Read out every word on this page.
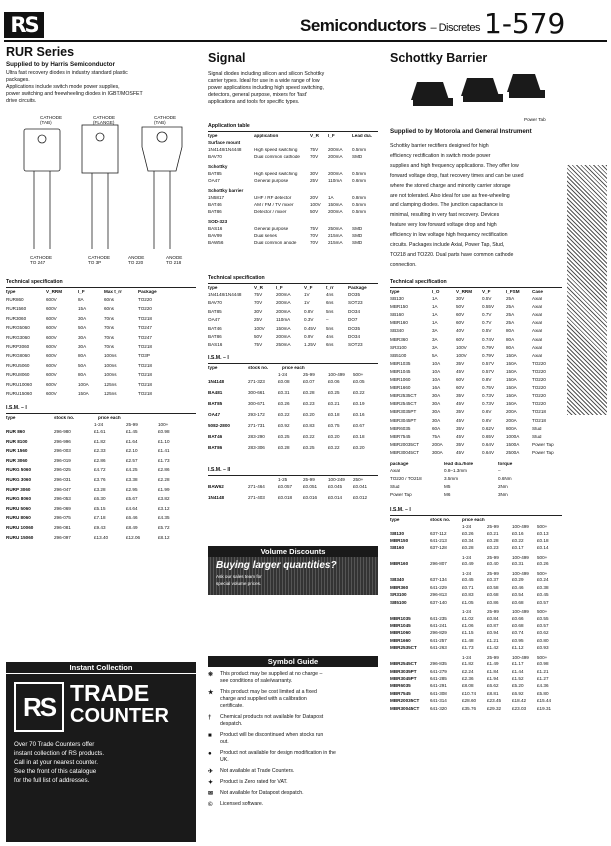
RS	Semiconductors – Discretes 1-579
RUR Series
Supplied to by Harris Semiconductor
Ultra fast recovery diodes in industry standard plastic
packages.
Applications include switch mode power supplies,
power switching and freewheeling diodes in IGBT/MOSFET
drive circuits.
CATHODE
(TAB)
CATHODE
(FLANGE)
CATHODE
(TAB)
CATHODE
TO 247
CATHODE
TO 3P
ANODE
TO 220
ANODE
TO 218
Technical specification
type	V_RRM	I_F	Max t_rr	Package
RUR860	600V	8A	60ns	TO220
RUR1560	600V	15A	60ns	TO220
RUR3060	600V	30A	70ns	TO218
RURG5060	600V	50A	70ns	TO247
RURG3060	600V	30A	70ns	TO247
RURP3060	600V	30A	70ns	TO218
RURG8060	600V	80A	100ns	TO3P
RURU5060	600V	50A	100ns	TO218
RURU8060	600V	80A	100ns	TO218
RURU10060	600V	100A	125ns	TO218
RURU15060	600V	150A	125ns	TO218
I.S.M. – I
type	stock no.	price each
1-24	25-99	100+
RUR 860	296-980	£1.61	£1.45	£0.98
RUR 8100	296-996	£1.82	£1.64	£1.10
RUR 1560	296-003	£2.33	£2.10	£1.41
RUR 3060	296-019	£2.86	£2.57	£1.73
RURG 5060	296-025	£4.72	£4.25	£2.86
RURG 3060	296-031	£3.76	£3.38	£2.28
RURP 3060	296-047	£3.28	£2.95	£1.99
RURG 8060	296-053	£6.30	£5.67	£3.82
RURU 5060	296-069	£5.15	£4.64	£3.12
RURU 8060	296-075	£7.18	£6.46	£4.35
RURU 10060	296-081	£9.43	£8.49	£5.72
RURU 15060	296-097	£13.40	£12.06	£8.12
Instant Collection
RS TRADE
COUNTER
Over 70 Trade Counters offer
instant collection of RS products.
Call in at your nearest counter.
See the front of this catalogue
for the full list of addresses.
Signal
Signal diodes including silicon and silicon Schottky
carrier types. Ideal for use in a wide range of low
power applications including high speed switching,
detectors, general purpose, mixers for 'fast'
applications and tools for specific types.
Application table
type	application	V_R	I_F	Lead dia.
Surface mount
1N4148/1N4448	High speed switching	75V	200mA	0.5mm
BAV70	Dual common cathode	70V	200mA	SMD
Schottky
BAT85	High speed switching	30V	200mA	0.5mm
OA47	General purpose	25V	110mA	0.6mm
Schottky barrier
1N5817	UHF / RF detector	20V	1A	0.8mm
BAT46	AM / FM / TV mixer	100V	150mA	0.5mm
BAT86	Detector / mixer	50V	200mA	0.5mm
SOD-323
BAS16	General purpose	75V	250mA	SMD
BAV99	Dual series	70V	215mA	SMD
BAW56	Dual common anode	70V	215mA	SMD
Technical specification
type	V_R	I_F	V_F	t_rr	Package
1N4148/1N4448	75V	200mA	1V	4ns	DO35
BAV70	70V	200mA	1V	6ns	SOT23
BAT85	30V	200mA	0.8V	5ns	DO34
OA47	25V	110mA	0.3V	–	DO7
BAT46	100V	150mA	0.45V	5ns	DO35
BAT86	50V	200mA	0.9V	4ns	DO34
BAS16	75V	250mA	1.25V	6ns	SOT23
I.S.M. – I
type	stock no.	price each
1-24	25-99	100-499	500+
1N4148	271-323	£0.08	£0.07	£0.06	£0.05
BA481	300-661	£0.31	£0.28	£0.25	£0.22
BAT85	300-671	£0.26	£0.23	£0.21	£0.19
OA47	293-172	£0.22	£0.20	£0.18	£0.16
5082-2800	271-731	£0.92	£0.83	£0.75	£0.67
BAT46	283-290	£0.25	£0.22	£0.20	£0.18
BAT86	283-306	£0.28	£0.25	£0.22	£0.20
I.S.M. – II
1-25	25-99	100-249	250+
BAW62	271-464	£0.057	£0.051	£0.045	£0.041
1N4148	271-403	£0.018	£0.016	£0.014	£0.012
Volume Discounts
Buying larger quantities?
Ask our sales team for
special volume prices.
Symbol Guide
❊ This product may be supplied at no charge –
see conditions of sale/warranty.
★ This product may be cost limited at a fixed
charge and supplied with a calibration
certificate.
† Chemical products not available for Datapost
despatch.
■ Product will be discontinued when stocks run
out.
● Product not available for design modification in the
UK.
✈ Not available at Trade Counters.
✦ Product is Zero rated for VAT.
✉ Not available for Datapost despatch.
© Licensed software.
Schottky Barrier
Power Tab
Supplied to by Motorola and General Instrument
Schottky barrier rectifiers designed for high
efficiency rectification in switch mode power
supplies and high frequency applications. They offer low
forward voltage drop, fast recovery times and can be used
where the stored charge and minority carrier storage
are not tolerated. Also ideal for use as free-wheeling
and clamping diodes. The junction capacitance is
minimal, resulting in very fast recovery. Devices
feature very low forward voltage drop and high
efficiency in low voltage high frequency rectification
circuits. Packages include Axial, Power Tap, Stud,
TO218 and TO220. Dual parts have common cathode
connection.
Technical specification
type	I_O	V_RRM	V_F	I_FSM	Case
SB130	1A	30V	0.5V	25A	Axial
MBR150	1A	50V	0.55V	25A	Axial
SB160	1A	60V	0.7V	25A	Axial
MBR160	1A	60V	0.7V	25A	Axial
SB340	3A	40V	0.5V	80A	Axial
MBR360	3A	60V	0.74V	80A	Axial
SR3100	3A	100V	0.79V	80A	Axial
SB5100	5A	100V	0.79V	150A	Axial
MBR1035	10A	35V	0.57V	150A	TO220
MBR1045	10A	45V	0.57V	150A	TO220
MBR1060	10A	60V	0.8V	150A	TO220
MBR1660	16A	60V	0.75V	150A	TO220
MBR2535CT	30A	35V	0.73V	150A	TO220
MBR2545CT	30A	45V	0.73V	150A	TO220
MBR3035PT	30A	35V	0.6V	200A	TO218
MBR3045PT	30A	45V	0.6V	200A	TO218
MBR6035	60A	35V	0.62V	800A	Stud
MBR7545	75A	45V	0.65V	1000A	Stud
MBR20035CT	200A	35V	0.64V	1500A	Power Tap
MBR30045CT	300A	45V	0.64V	2500A	Power Tap
package	lead dia./hole	torque
Axial	0.8–1.3mm	–
TO220 / TO218	3.5mm	0.6Nm
Stud	M5	2Nm
Power Tap	M6	3Nm
I.S.M. – I
type	stock no.	price each
1-24	25-99	100-499	500+
SB130	637-112	£0.26	£0.21	£0.16	£0.13
MBR150	641-213	£0.34	£0.28	£0.22	£0.18
SB160	637-128	£0.28	£0.23	£0.17	£0.14
1-24	25-99	100-499	500+
MBR160	296-807	£0.49	£0.40	£0.31	£0.26
1-24	25-99	100-499	500+
SB340	637-134	£0.45	£0.37	£0.29	£0.24
MBR360	641-229	£0.71	£0.58	£0.46	£0.38
SR3100	296-813	£0.83	£0.68	£0.54	£0.45
SB5100	637-140	£1.05	£0.86	£0.68	£0.57
1-24	25-99	100-499	500+
MBR1035	641-235	£1.02	£0.84	£0.66	£0.55
MBR1045	641-241	£1.06	£0.87	£0.68	£0.57
MBR1060	296-829	£1.15	£0.94	£0.74	£0.62
MBR1660	641-257	£1.48	£1.21	£0.95	£0.80
MBR2535CT	641-263	£1.73	£1.42	£1.12	£0.93
1-24	25-99	100-499	500+
MBR2545CT	296-835	£1.82	£1.49	£1.17	£0.98
MBR3035PT	641-279	£2.24	£1.84	£1.44	£1.21
MBR3045PT	641-285	£2.36	£1.94	£1.52	£1.27
MBR6035	641-291	£8.08	£6.62	£5.20	£4.36
MBR7545	641-308	£10.74	£8.81	£6.92	£5.80
MBR20035CT	641-314	£28.60	£23.45	£18.42	£15.44
MBR30045CT	641-320	£35.76	£29.32	£23.03	£19.31
